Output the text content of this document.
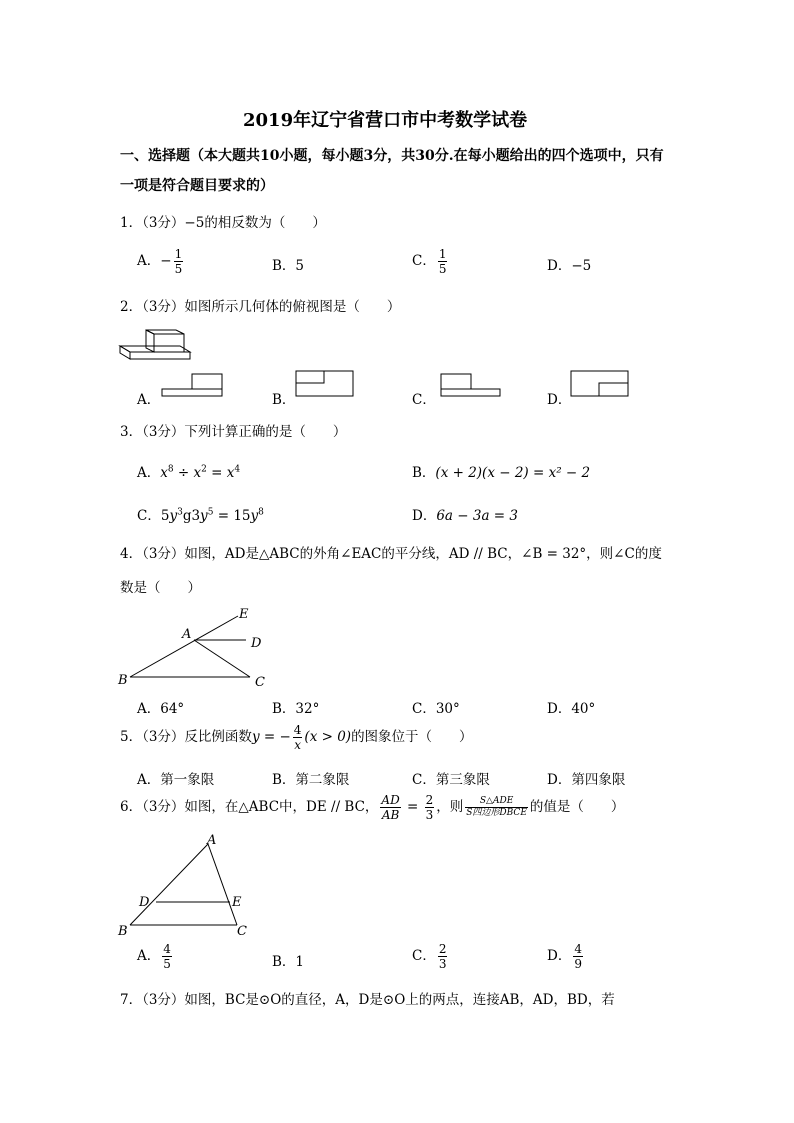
2019年辽宁省营口市中考数学试卷
一、选择题（本大题共10小题，每小题3分，共30分.在每小题给出的四个选项中，只有
一项是符合题目要求的）
1．（3分）−5的相反数为（　　）
A．− $\frac{1}{5}$	B．5	C． $\frac{1}{5}$	D．−5
2．（3分）如图所示几何体的俯视图是（　　）
A．	B．	C．	D．
3．（3分）下列计算正确的是（　　）
A．$x^8 \div x^2 = x^4$	B．(x + 2)(x − 2) = x² − 2
C．$5y^3g3y^5 = 15y^8$	D．6a − 3a = 3
4．（3分）如图，AD是△ABC的外角∠EAC的平分线，AD // BC，∠B = 32°，则∠C的度
数是（　　）
A
B	C
D
E
A．64°	B．32°	C．30°	D．40°
5．（3分）反比例函数y = − $\frac{4}{x} (x > 0)$的图象位于（　　）
A．第一象限	B．第二象限	C．第三象限	D．第四象限
6．（3分）如图，在△ABC中，DE // BC， $\frac{AD}{AB} = \frac{2}{3}$ ，则 $\frac{\text{S△ADE}}{\text{S四边形DBCE}}$ 的值是（　　）
A
B	C
D	E
A． $\frac{4}{5}$	B．1	C． $\frac{2}{3}$	D． $\frac{4}{9}$
7．（3分）如图，BC是⊙O的直径，A，D是⊙O上的两点，连接AB，AD，BD，若
